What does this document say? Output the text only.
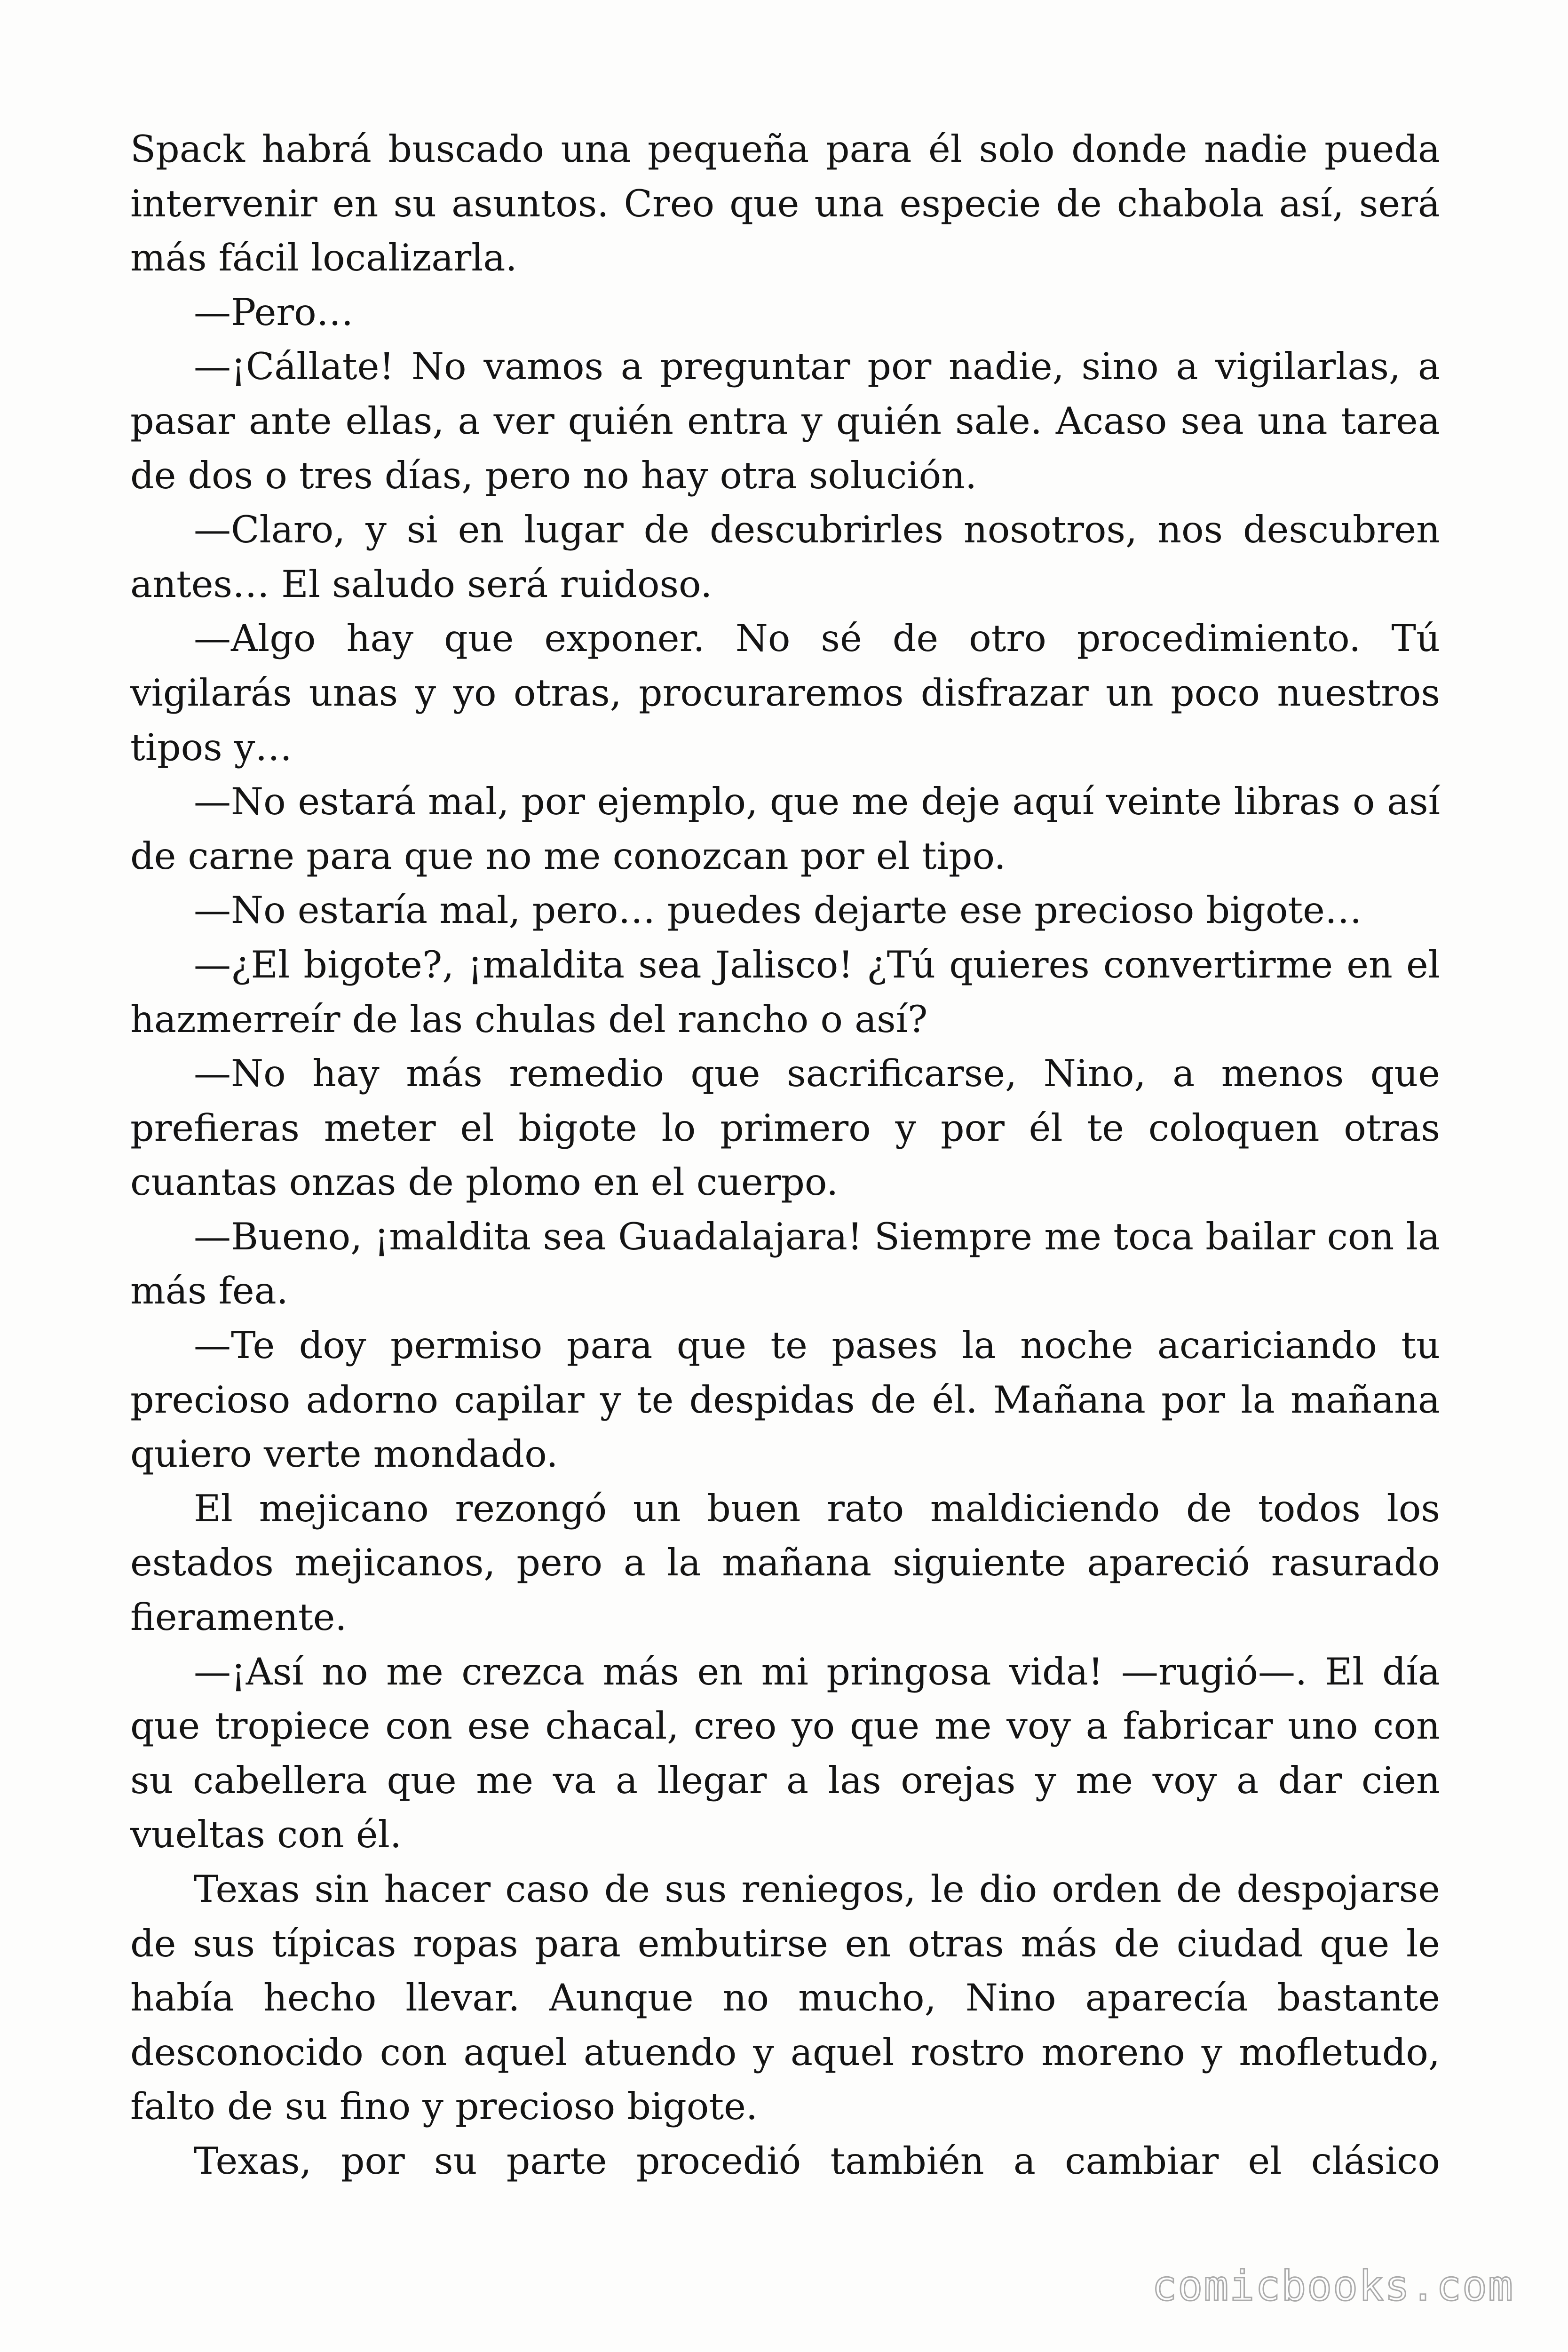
Spack habrá buscado una pequeña para él solo donde nadie pueda intervenir en su asuntos. Creo que una especie de chabola así, será más fácil localizarla.

—Pero…

—¡Cállate! No vamos a preguntar por nadie, sino a vigilarlas, a pasar ante ellas, a ver quién entra y quién sale. Acaso sea una tarea de dos o tres días, pero no hay otra solución.

—Claro, y si en lugar de descubrirles nosotros, nos descubren antes… El saludo será ruidoso.

—Algo hay que exponer. No sé de otro procedimiento. Tú vigilarás unas y yo otras, procuraremos disfrazar un poco nuestros tipos y…

—No estará mal, por ejemplo, que me deje aquí veinte libras o así de carne para que no me conozcan por el tipo.

—No estaría mal, pero… puedes dejarte ese precioso bigote…

—¿El bigote?, ¡maldita sea Jalisco! ¿Tú quieres convertirme en el hazmerreír de las chulas del rancho o así?

—No hay más remedio que sacrificarse, Nino, a menos que prefieras meter el bigote lo primero y por él te coloquen otras cuantas onzas de plomo en el cuerpo.

—Bueno, ¡maldita sea Guadalajara! Siempre me toca bailar con la más fea.

—Te doy permiso para que te pases la noche acariciando tu precioso adorno capilar y te despidas de él. Mañana por la mañana quiero verte mondado.

El mejicano rezongó un buen rato maldiciendo de todos los estados mejicanos, pero a la mañana siguiente apareció rasurado fieramente.

—¡Así no me crezca más en mi pringosa vida! —rugió—. El día que tropiece con ese chacal, creo yo que me voy a fabricar uno con su cabellera que me va a llegar a las orejas y me voy a dar cien vueltas con él.

Texas sin hacer caso de sus reniegos, le dio orden de despojarse de sus típicas ropas para embutirse en otras más de ciudad que le había hecho llevar. Aunque no mucho, Nino aparecía bastante desconocido con aquel atuendo y aquel rostro moreno y mofletudo, falto de su fino y precioso bigote.

Texas, por su parte procedió también a cambiar el clásico

comicbooks.com
